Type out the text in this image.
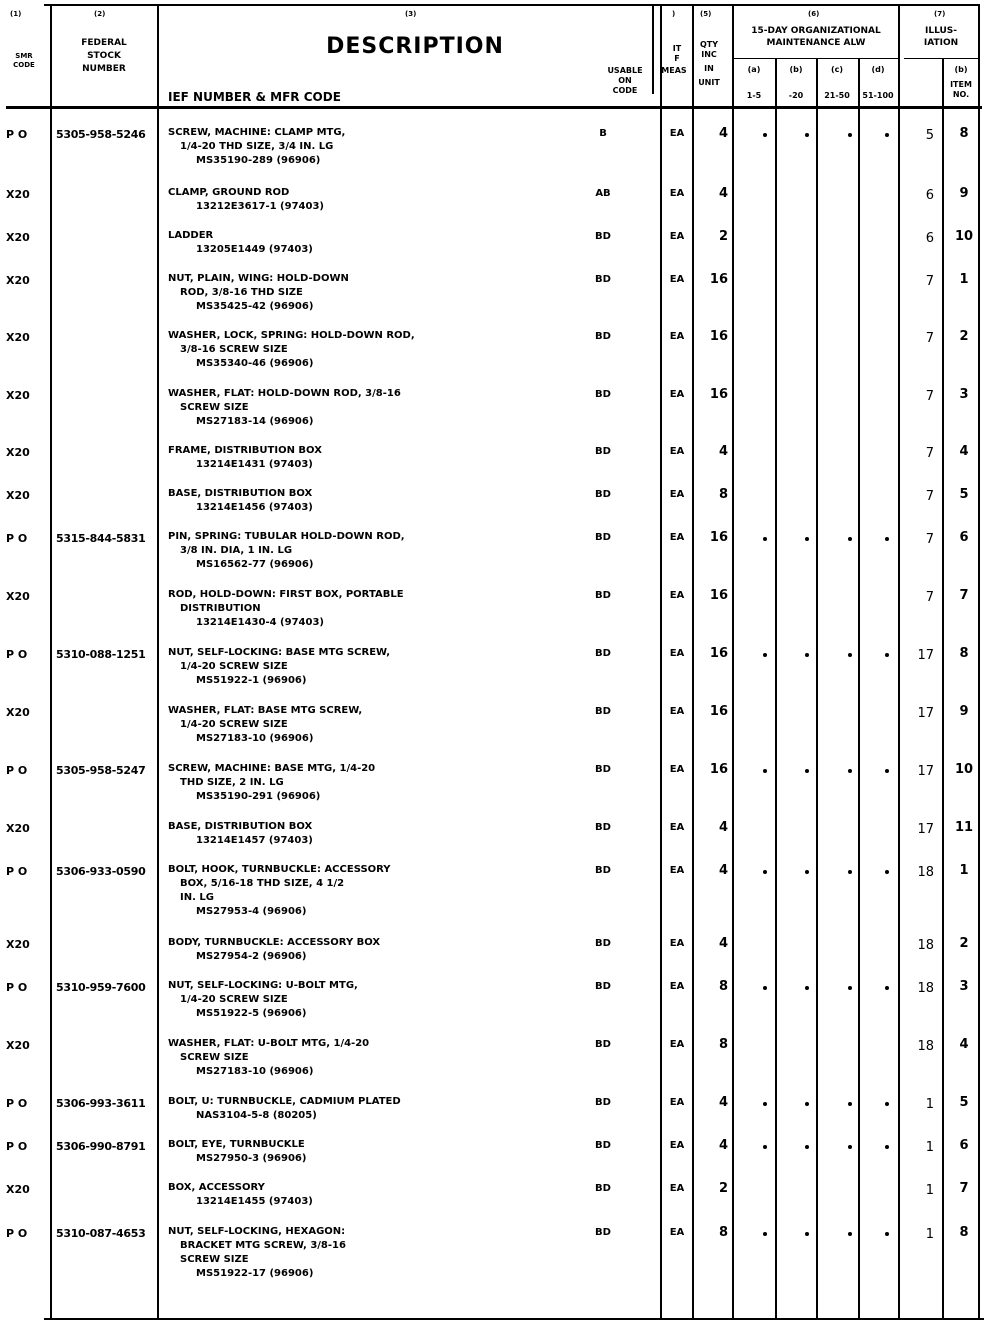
(1)
SMR CODE
(2)
FEDERAL
STOCK
NUMBER
(3)
DESCRIPTION
IEF NUMBER & MFR CODE
USABLE
ON
CODE
)
IT
F
MEAS
(5)
QTY
INC
IN
UNIT
(6)
15-DAY ORGANIZATIONAL
MAINTENANCE ALW
(a)	(b)	(c)	(d)
1-5	-20	21-50	51-100
(7)
ILLUS-
IATION
(b)
ITEM
NO.
P O	5305-958-5246 SCREW, MACHINE: CLAMP MTG,
1/4-20 THD SIZE, 3/4 IN. LG
MS35190-289 (96906)
B	EA	4	5	8
X20	CLAMP, GROUND ROD
13212E3617-1 (97403)
AB	EA	4	6	9
X20	LADDER
13205E1449 (97403)
BD	EA	2	6	10
X20	NUT, PLAIN, WING: HOLD-DOWN
ROD, 3/8-16 THD SIZE
MS35425-42 (96906)
BD	EA	16	7	1
X20	WASHER, LOCK, SPRING: HOLD-DOWN ROD,
3/8-16 SCREW SIZE
MS35340-46 (96906)
BD	EA	16	7	2
X20	WASHER, FLAT: HOLD-DOWN ROD, 3/8-16
SCREW SIZE
MS27183-14 (96906)
BD	EA	16	7	3
X20	FRAME, DISTRIBUTION BOX
13214E1431 (97403)
BD	EA	4	7	4
X20	BASE, DISTRIBUTION BOX
13214E1456 (97403)
BD	EA	8	7	5
P O	5315-844-5831 PIN, SPRING: TUBULAR HOLD-DOWN ROD,
3/8 IN. DIA, 1 IN. LG
MS16562-77 (96906)
BD	EA	16	7	6
X20	ROD, HOLD-DOWN: FIRST BOX, PORTABLE
DISTRIBUTION
13214E1430-4 (97403)
BD	EA	16	7	7
P O	5310-088-1251 NUT, SELF-LOCKING: BASE MTG SCREW,
1/4-20 SCREW SIZE
MS51922-1 (96906)
BD	EA	16	17	8
X20	WASHER, FLAT: BASE MTG SCREW,
1/4-20 SCREW SIZE
MS27183-10 (96906)
BD	EA	16	17	9
P O	5305-958-5247 SCREW, MACHINE: BASE MTG, 1/4-20
THD SIZE, 2 IN. LG
MS35190-291 (96906)
BD	EA	16	17	10
X20	BASE, DISTRIBUTION BOX
13214E1457 (97403)
BD	EA	4	17	11
P O	5306-933-0590 BOLT, HOOK, TURNBUCKLE: ACCESSORY
BOX, 5/16-18 THD SIZE, 4 1/2
IN. LG
MS27953-4 (96906)
BD	EA	4	18	1
X20	BODY, TURNBUCKLE: ACCESSORY BOX
MS27954-2 (96906)
BD	EA	4	18	2
P O	5310-959-7600 NUT, SELF-LOCKING: U-BOLT MTG,
1/4-20 SCREW SIZE
MS51922-5 (96906)
BD	EA	8	18	3
X20	WASHER, FLAT: U-BOLT MTG, 1/4-20
SCREW SIZE
MS27183-10 (96906)
BD	EA	8	18	4
P O	5306-993-3611 BOLT, U: TURNBUCKLE, CADMIUM PLATED
NAS3104-5-8 (80205)
BD	EA	4	1	5
P O	5306-990-8791 BOLT, EYE, TURNBUCKLE
MS27950-3 (96906)
BD	EA	4	1	6
X20	BOX, ACCESSORY
13214E1455 (97403)
BD	EA	2	1	7
P O	5310-087-4653 NUT, SELF-LOCKING, HEXAGON:
BRACKET MTG SCREW, 3/8-16
SCREW SIZE
MS51922-17 (96906)
BD	EA	8	1	8
